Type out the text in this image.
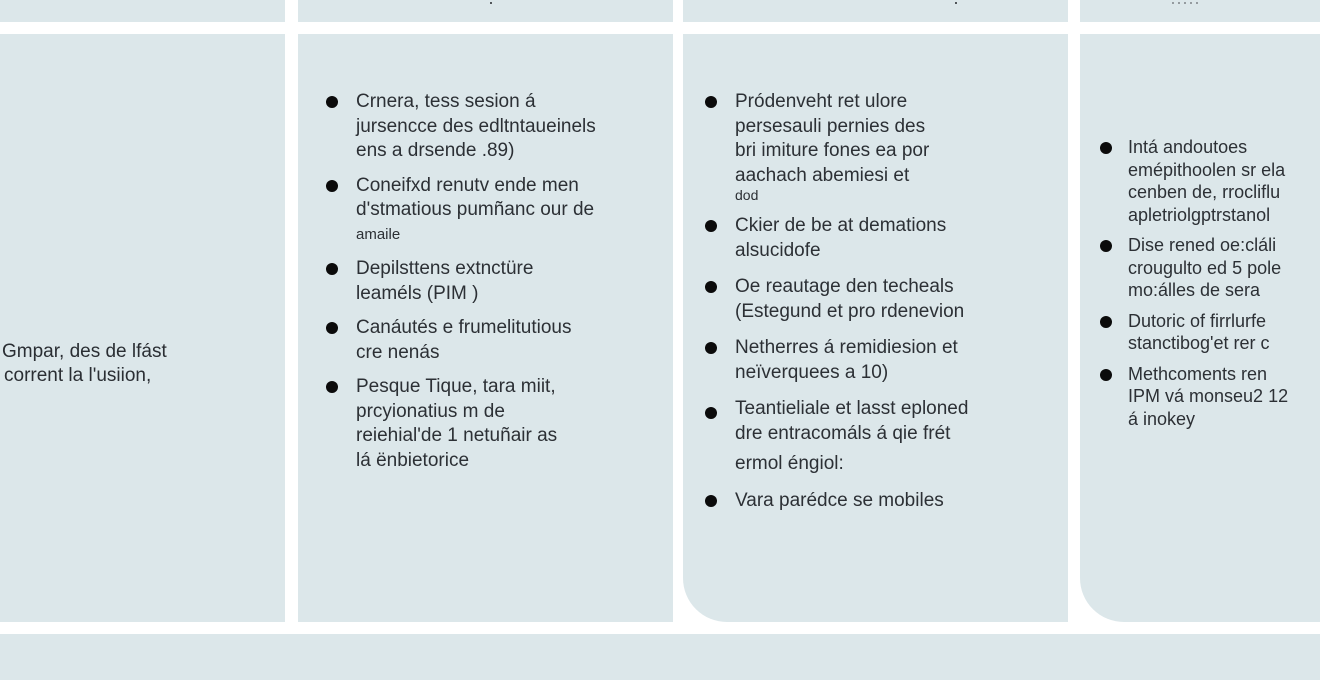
·	·	·····
Gmpar, des de lfást
corrent la l'usiion,
Crnera, tess sesion á
jursencce des edltntaueinels
ens a drsende .89)
Coneifxd renutv ende men
d'stmatious pumñanc our de
amaile
Depilsttens extnctüre
leaméls (PIM )
Canáutés e frumelitutious
cre nenás
Pesque Tique, tara miit,
prcyionatius m de
reiehial'de 1 netuñair as
lá ënbietorice
Pródenveht ret ulore
persesauli pernies des
bri imiture fones ea por
aachach abemiesi et
dod
Ckier de be at demations
alsucidofe
Oe reautage den techeals
(Estegund et pro rdenevion
Netherres á remidiesion et
neïverquees a 10)
Teantieliale et lasst eploned
dre entracomáls á qie frét
ermol éngiol:
Vara parédce se mobiles
Intá andoutoes
emépithoolen sr ela
cenben de, rrocliflu
apletriolgptrstanol
Dise rened oe:cláli
crougulto ed 5 pole
mo:álles de sera
Dutoric of firrlurfe
stanctibog'et rer c
Methcoments ren
IPM vá monseu2 12
á inokey
